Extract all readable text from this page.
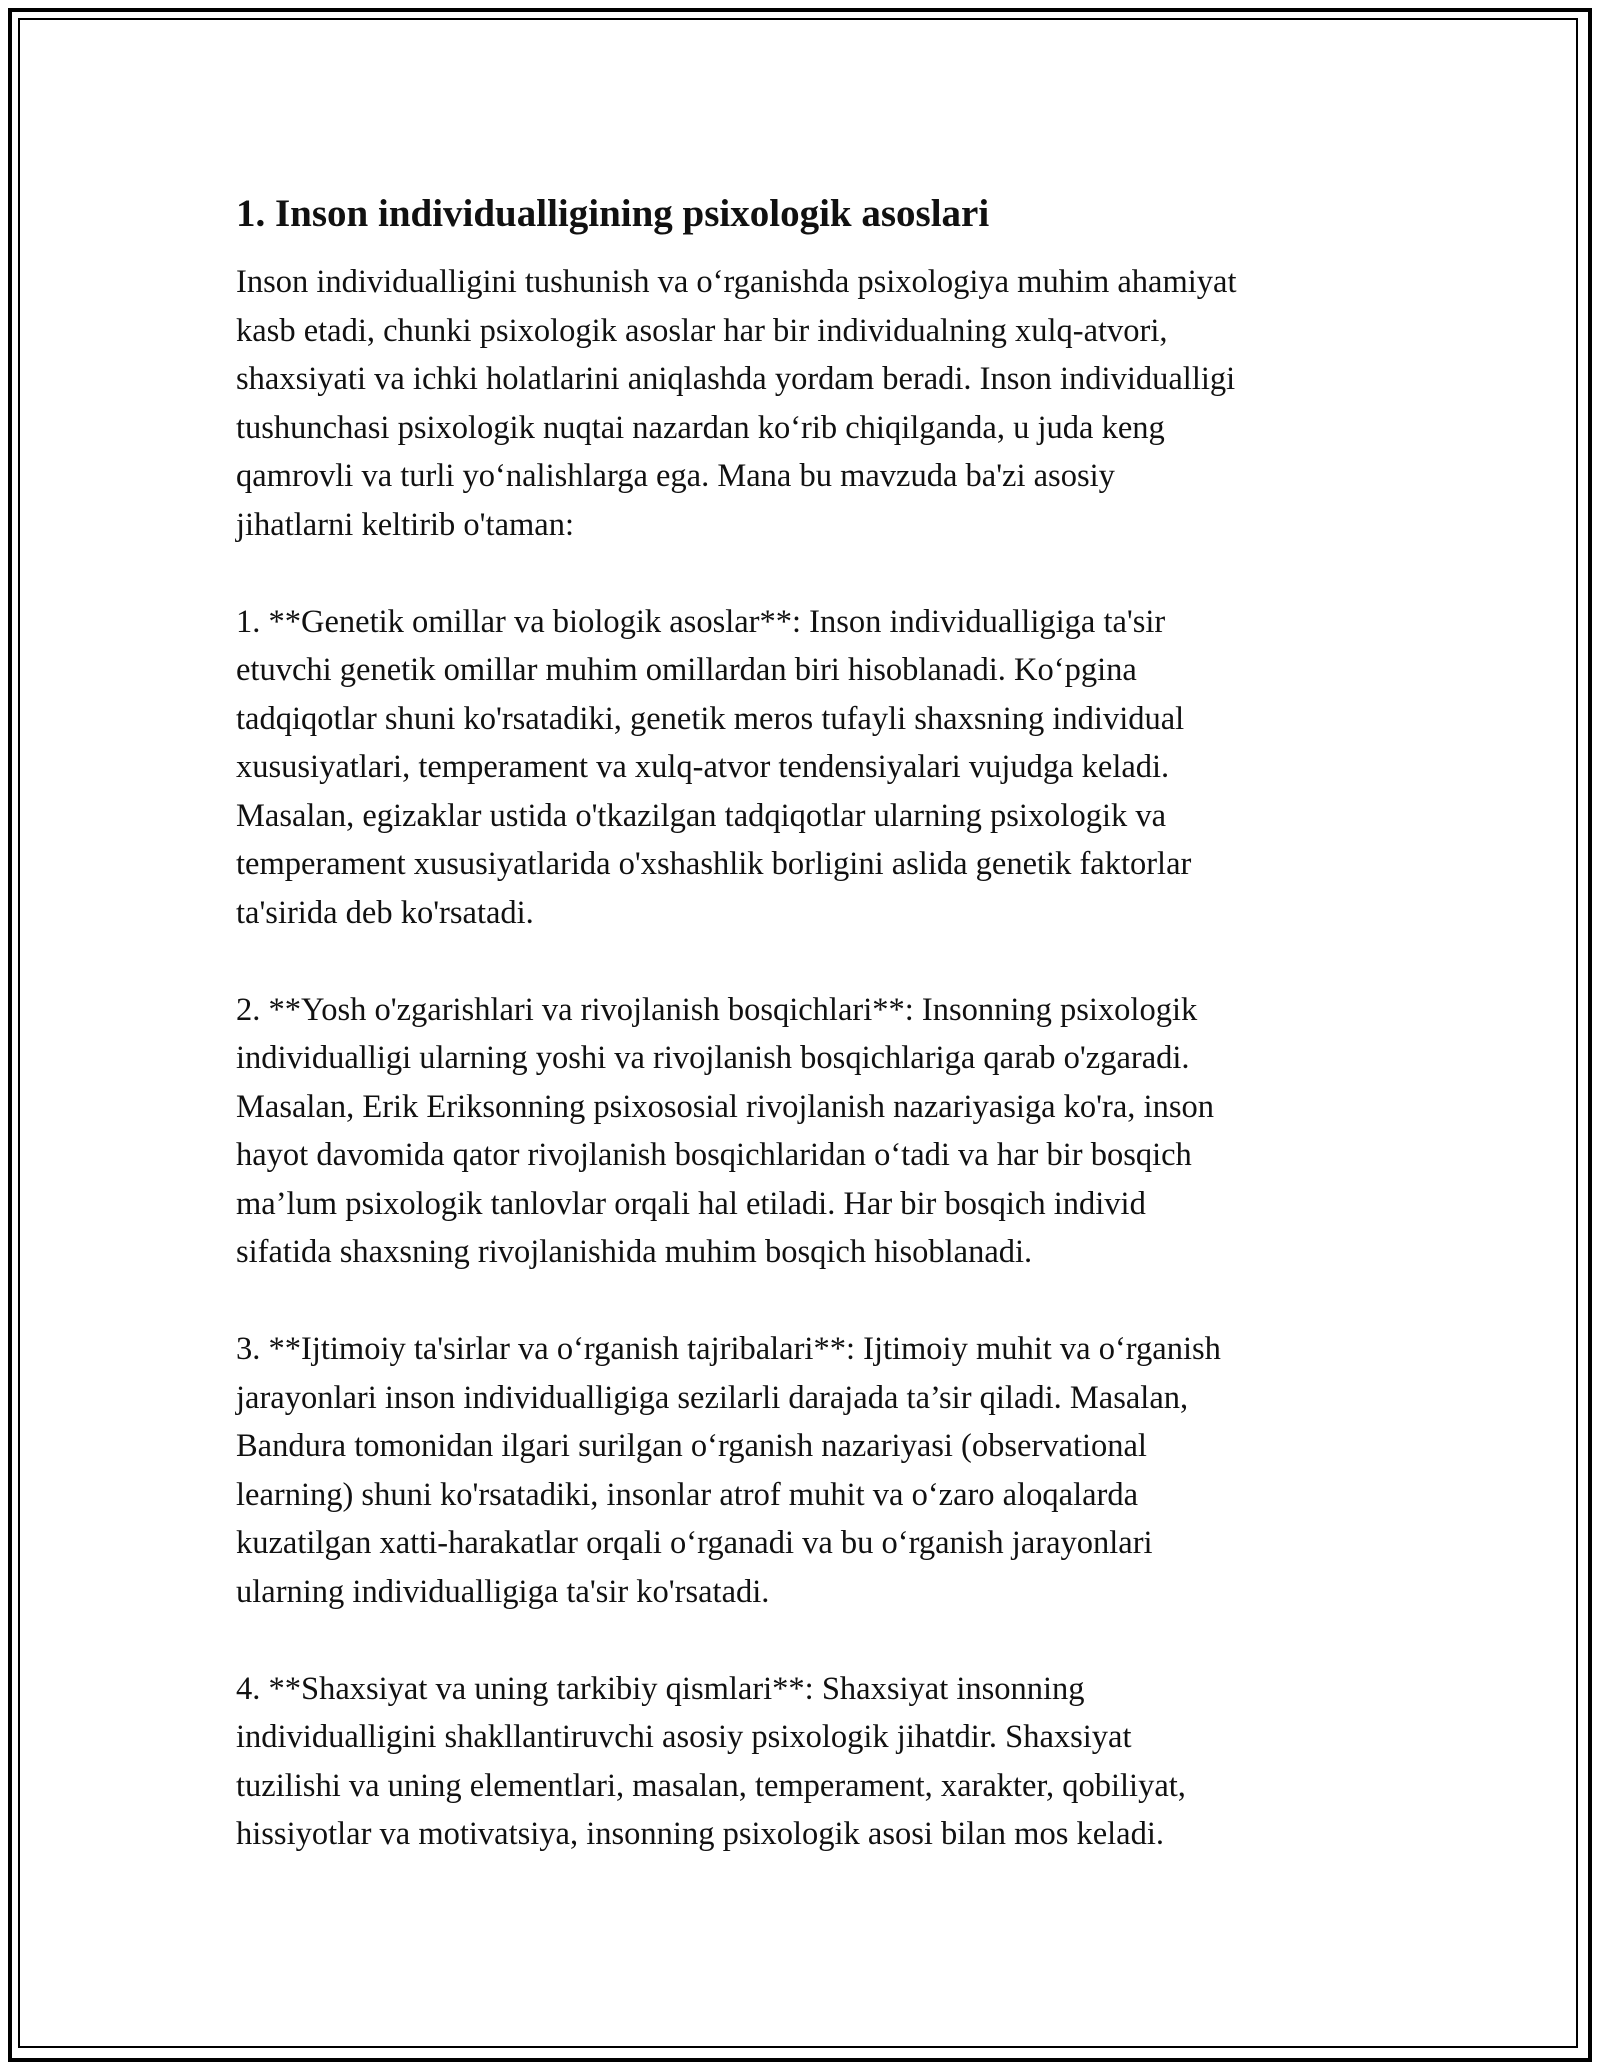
1. Inson individualligining psixologik asoslari

Inson individualligini tushunish va o‘rganishda psixologiya muhim ahamiyat
kasb etadi, chunki psixologik asoslar har bir individualning xulq-atvori,
shaxsiyati va ichki holatlarini aniqlashda yordam beradi. Inson individualligi
tushunchasi psixologik nuqtai nazardan ko‘rib chiqilganda, u juda keng
qamrovli va turli yo‘nalishlarga ega. Mana bu mavzuda ba'zi asosiy
jihatlarni keltirib o'taman:

1. **Genetik omillar va biologik asoslar**: Inson individualligiga ta'sir
etuvchi genetik omillar muhim omillardan biri hisoblanadi. Ko‘pgina
tadqiqotlar shuni ko'rsatadiki, genetik meros tufayli shaxsning individual
xususiyatlari, temperament va xulq-atvor tendensiyalari vujudga keladi.
Masalan, egizaklar ustida o'tkazilgan tadqiqotlar ularning psixologik va
temperament xususiyatlarida o'xshashlik borligini aslida genetik faktorlar
ta'sirida deb ko'rsatadi.

2. **Yosh o'zgarishlari va rivojlanish bosqichlari**: Insonning psixologik
individualligi ularning yoshi va rivojlanish bosqichlariga qarab o'zgaradi.
Masalan, Erik Eriksonning psixososial rivojlanish nazariyasiga ko'ra, inson
hayot davomida qator rivojlanish bosqichlaridan o‘tadi va har bir bosqich
ma’lum psixologik tanlovlar orqali hal etiladi. Har bir bosqich individ
sifatida shaxsning rivojlanishida muhim bosqich hisoblanadi.

3. **Ijtimoiy ta'sirlar va o‘rganish tajribalari**: Ijtimoiy muhit va o‘rganish
jarayonlari inson individualligiga sezilarli darajada ta’sir qiladi. Masalan,
Bandura tomonidan ilgari surilgan o‘rganish nazariyasi (observational
learning) shuni ko'rsatadiki, insonlar atrof muhit va o‘zaro aloqalarda
kuzatilgan xatti-harakatlar orqali o‘rganadi va bu o‘rganish jarayonlari
ularning individualligiga ta'sir ko'rsatadi.

4. **Shaxsiyat va uning tarkibiy qismlari**: Shaxsiyat insonning
individualligini shakllantiruvchi asosiy psixologik jihatdir. Shaxsiyat
tuzilishi va uning elementlari, masalan, temperament, xarakter, qobiliyat,
hissiyotlar va motivatsiya, insonning psixologik asosi bilan mos keladi.
